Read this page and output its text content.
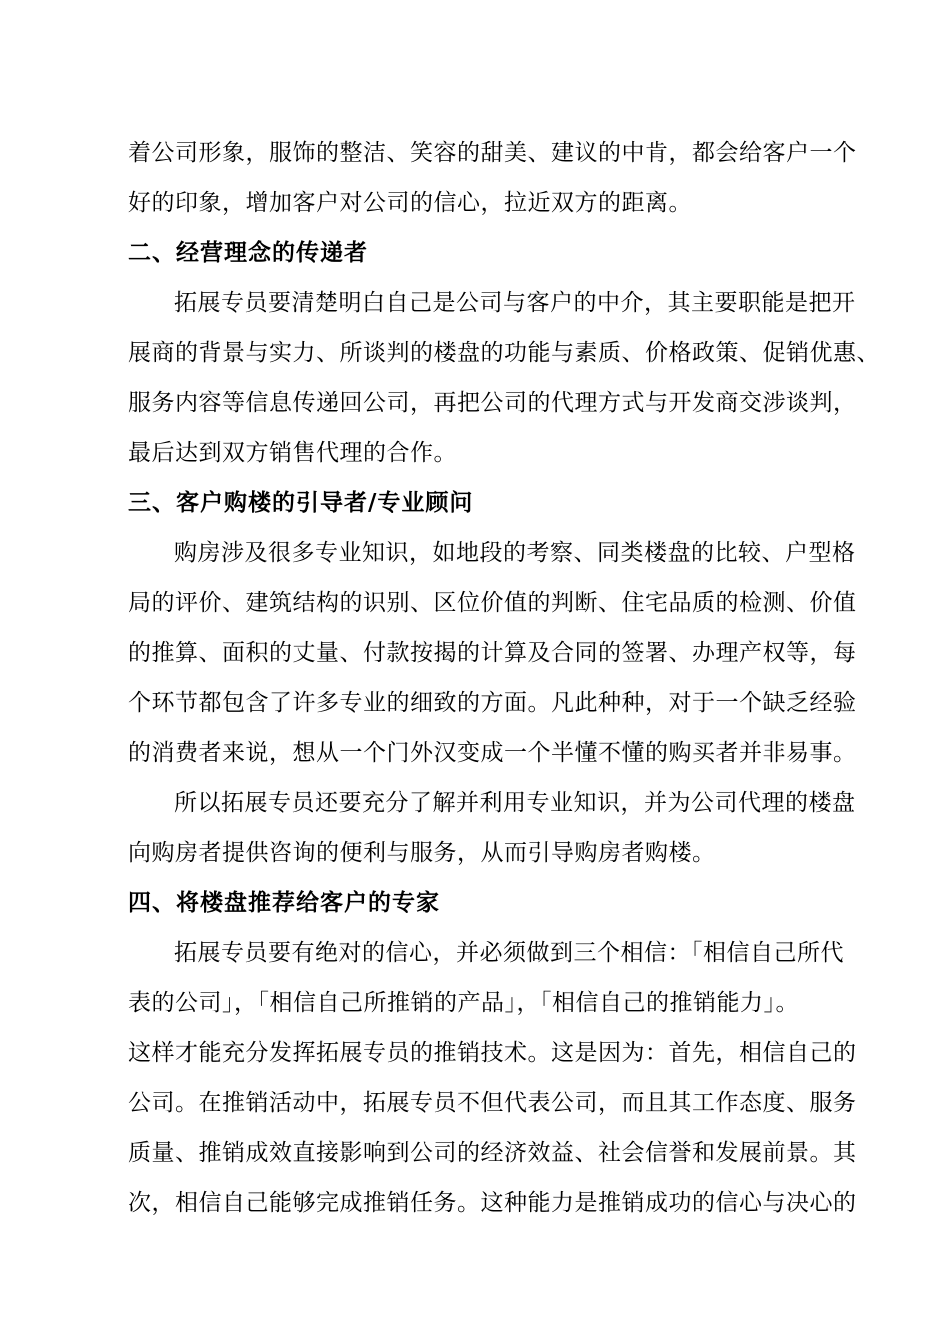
着公司形象，服饰的整洁、笑容的甜美、建议的中肯，都会给客户一个
好的印象，增加客户对公司的信心，拉近双方的距离。
二、经营理念的传递者
拓展专员要清楚明白自己是公司与客户的中介，其主要职能是把开
展商的背景与实力、所谈判的楼盘的功能与素质、价格政策、促销优惠、
服务内容等信息传递回公司，再把公司的代理方式与开发商交涉谈判，
最后达到双方销售代理的合作。
三、客户购楼的引导者/专业顾问
购房涉及很多专业知识，如地段的考察、同类楼盘的比较、户型格
局的评价、建筑结构的识别、区位价值的判断、住宅品质的检测、价值
的推算、面积的丈量、付款按揭的计算及合同的签署、办理产权等，每
个环节都包含了许多专业的细致的方面。凡此种种，对于一个缺乏经验
的消费者来说，想从一个门外汉变成一个半懂不懂的购买者并非易事。
所以拓展专员还要充分了解并利用专业知识，并为公司代理的楼盘
向购房者提供咨询的便利与服务，从而引导购房者购楼。
四、将楼盘推荐给客户的专家
拓展专员要有绝对的信心，并必须做到三个相信：「相信自己所代
表的公司」，「相信自己所推销的产品」，「相信自己的推销能力」。
这样才能充分发挥拓展专员的推销技术。这是因为：首先，相信自己的
公司。在推销活动中，拓展专员不但代表公司，而且其工作态度、服务
质量、推销成效直接影响到公司的经济效益、社会信誉和发展前景。其
次，相信自己能够完成推销任务。这种能力是推销成功的信心与决心的
